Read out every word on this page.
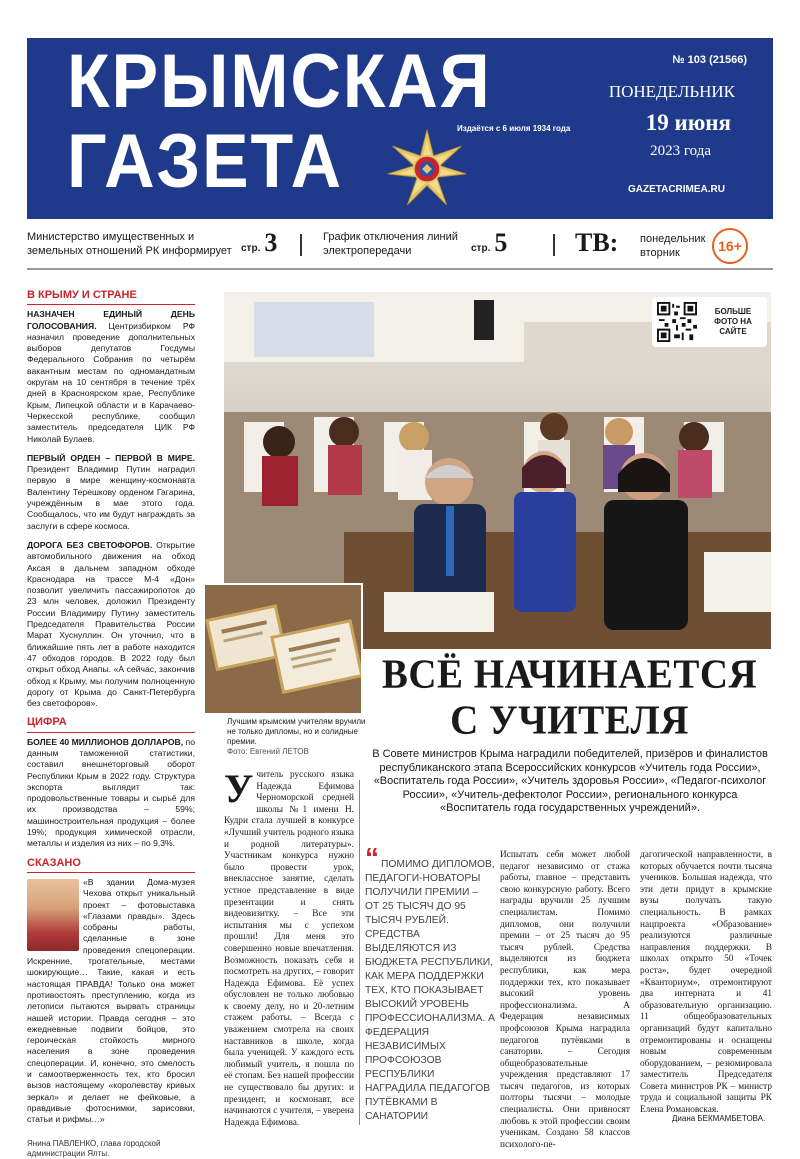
КРЫМСКАЯ
ГАЗЕТА	Издаётся с 6 июля 1934 года
№ 103 (21566)
ПОНЕДЕЛЬНИК
19 июня
2023 года
GAZETACRIMEA.RU
Министерство имущественных и земельных отношений РК информирует стр. 3	График отключения линий электропередачи	стр. 5	ТВ: понедельник вторник	16+
В КРЫМУ И СТРАНЕ
НАЗНАЧЕН ЕДИНЫЙ ДЕНЬ ГОЛОСОВАНИЯ. Центризбирком РФ назначил проведение дополнительных выборов депутатов Госдумы Федерального Собрания по четырём вакантным местам по одномандатным округам на 10 сентября в течение трёх дней в Красноярском крае, Республике Крым, Липецкой области и в Карачаево-Черкесской республике, сообщил заместитель председателя ЦИК РФ Николай Булаев.
ПЕРВЫЙ ОРДЕН – ПЕРВОЙ В МИРЕ. Президент Владимир Путин наградил первую в мире женщину-космонавта Валентину Терешкову орденом Гагарина, учреждённым в мае этого года. Сообщалось, что им будут награждать за заслуги в сфере космоса.
ДОРОГА БЕЗ СВЕТОФОРОВ. Открытие автомобильного движения на обход Аксая в дальнем западном обходе Краснодара на трассе М-4 «Дон» позволит увеличить пассажиропоток до 23 млн человек, доложил Президенту России Владимиру Путину заместитель Председателя Правительства России Марат Хуснуллин. Он уточнил, что в ближайшие пять лет в работе находится 47 обходов городов. В 2022 году был открыт обход Анапы. «А сейчас, закончив обход к Крыму, мы получим полноценную дорогу от Крыма до Санкт-Петербурга без светофоров».
ЦИФРА
БОЛЕЕ 40 МИЛЛИОНОВ ДОЛЛАРОВ, по данным таможенной статистики, составил внешнеторговый оборот Республики Крым в 2022 году. Структура экспорта выглядит так: продовольственные товары и сырьё для их производства – 59%; машиностроительная продукция – более 19%; продукция химической отрасли, металлы и изделия из них – по 9,3%.
СКАЗАНО
«В здании Дома-музея Чехова открыт уникальный проект – фотовыставка «Глазами правды». Здесь собраны работы, сделанные в зоне проведения спецоперации. Искренние, трогательные, местами шокирующие… Такие, какая и есть настоящая ПРАВДА! Только она может противостоять преступлению, когда из летописи пытаются вырвать страницы нашей истории. Правда сегодня – это ежедневные подвиги бойцов, это героическая стойкость мирного населения в зоне проведения спецоперации. И, конечно, это смелость и самоотверженность тех, кто бросил вызов настоящему «королевству кривых зеркал» и делает не фейковые, а правдивые фотоснимки, зарисовки, статьи и рифмы…»
Янина ПАВЛЕНКО, глава городской администрации Ялты.
БОЛЬШЕ ФОТО НА САЙТЕ
Лучшим крымским учителям вручили не только дипломы, но и солидные премии.
Фото: Евгений ЛЕТОВ
ВСЁ НАЧИНАЕТСЯ
С УЧИТЕЛЯ
В Совете министров Крыма наградили победителей, призёров и финалистов республиканского этапа Всероссийских конкурсов «Учитель года России», «Воспитатель года России», «Учитель здоровья России», «Педагог-психолог России», «Учитель-дефектолог России», регионального конкурса «Воспитатель года государственных учреждений».
Учитель русского языка Надежда Ефимова Черноморской средней школы №1 имени Н. Кудри стала лучшей в конкурсе «Лучший учитель родного языка и родной литературы». Участникам конкурса нужно было провести урок, внеклассное занятие, сделать устное представление в виде презентации и снять видеовизитку. – Все эти испытания мы с успехом прошли! Для меня это совершенно новые впечатления. Возможность показать себя и посмотреть на других, – говорит Надежда Ефимова. Её успех обусловлен не только любовью к своему делу, но и 20-летним стажем работы. – Всегда с уважением смотрела на своих наставников в школе, когда была ученицей. У каждого есть любимый учитель, я пошла по её стопам. Без нашей профессии не существовало бы других: и президент, и космонавт, все начинаются с учителя, – уверена Надежда Ефимова.
“ ПОМИМО ДИПЛОМОВ, ПЕДАГОГИ-НОВАТОРЫ ПОЛУЧИЛИ ПРЕМИИ – ОТ 25 ТЫСЯЧ ДО 95 ТЫСЯЧ РУБЛЕЙ. СРЕДСТВА ВЫДЕЛЯЮТСЯ ИЗ БЮДЖЕТА РЕСПУБЛИКИ, КАК МЕРА ПОДДЕРЖКИ ТЕХ, КТО ПОКАЗЫВАЕТ ВЫСОКИЙ УРОВЕНЬ ПРОФЕССИОНАЛИЗМА. А ФЕДЕРАЦИЯ НЕЗАВИСИМЫХ ПРОФСОЮЗОВ РЕСПУБЛИКИ НАГРАДИЛА ПЕДАГОГОВ ПУТЁВКАМИ В САНАТОРИИ
Испытать себя может любой педагог независимо от стажа работы, главное – представить свою конкурсную работу. Всего награды вручили 25 лучшим специалистам. Помимо дипломов, они получили премии – от 25 тысяч до 95 тысяч рублей. Средства выделяются из бюджета республики, как мера поддержки тех, кто показывает высокий уровень профессионализма. А Федерация независимых профсоюзов Крыма наградила педагогов путёвками в санатории. – Сегодня общеобразовательные учреждения представляют 17 тысяч педагогов, из которых полторы тысячи – молодые специалисты. Они привносят любовь к этой профессии своим ученикам. Создано 58 классов психолого-пе-
дагогической направленности, в которых обучается почти тысяча учеников. Большая надежда, что эти дети придут в крымские вузы получать такую специальность. В рамках нацпроекта «Образование» реализуются различные направления поддержки. В школах открыто 50 «Точек роста», будет очередной «Кванториум», отремонтируют два интерната и 41 образовательную организацию. 11 общеобразовательных организаций будут капитально отремонтированы и оснащены новым современным оборудованием, – резюмировала заместитель Председателя Совета министров РК – министр труда и социальной защиты РК Елена Романовская.
Диана БЕКМАМБЕТОВА.
